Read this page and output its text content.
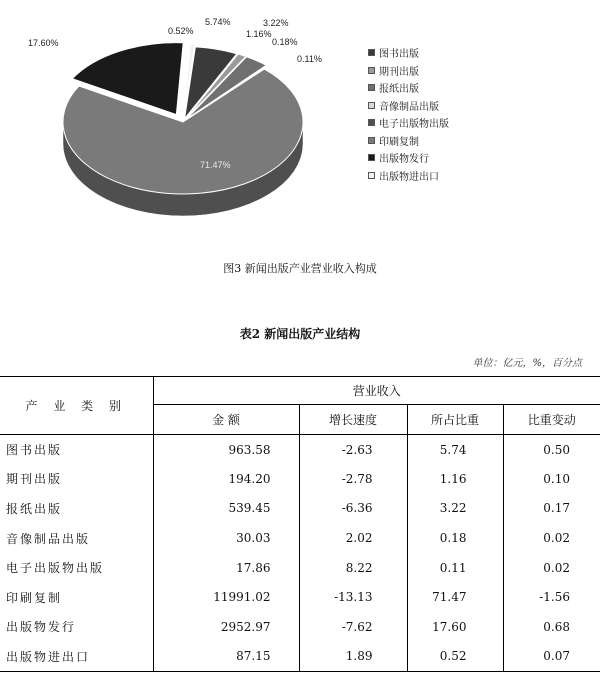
5.74%
1.16%
3.22%
0.18%
0.11%
71.47%
17.60%
0.52%
图书出版
期刊出版
报纸出版
音像制品出版
电子出版物出版
印刷复制
出版物发行
出版物进出口
图3 新闻出版产业营业收入构成
表2 新闻出版产业结构
单位：亿元，%，百分点
产 业 类 别	营业收入			
	金 额	增长速度	所占比重	比重变动
图书出版	963.58	-2.63	5.74	0.50
期刊出版	194.20	-2.78	1.16	0.10
报纸出版	539.45	-6.36	3.22	0.17
音像制品出版	30.03	2.02	0.18	0.02
电子出版物出版	17.86	8.22	0.11	0.02
印刷复制	11991.02	-13.13	71.47	-1.56
出版物发行	2952.97	-7.62	17.60	0.68
出版物进出口	87.15	1.89	0.52	0.07
